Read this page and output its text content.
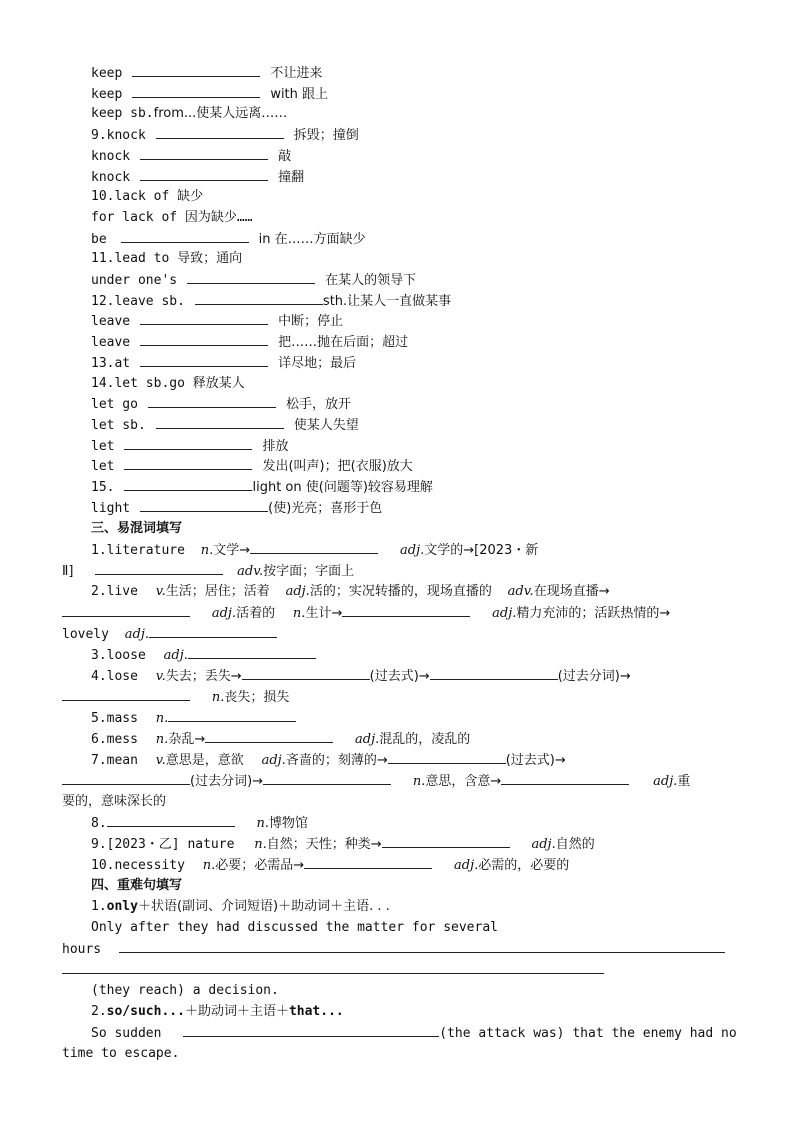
keep	不让进来
keep	with 跟上
keep sb.from...使某人远离……
9.knock	拆毁；撞倒
knock	敲
knock	撞翻
10.lack of 缺少
for lack of 因为缺少……
be	in 在……方面缺少
11.lead to 导致；通向
under one's	在某人的领导下
12.leave sb.	sth.让某人一直做某事
leave	中断；停止
leave	把……抛在后面；超过
13.at	详尽地；最后
14.let sb.go 释放某人
let go	松手，放开
let sb.	使某人失望
let	排放
let	发出(叫声)；把(衣服)放大
15.	light on 使(问题等)较容易理解
light	(使)光亮；喜形于色
三、易混词填写
1.literature n.文学→	adj.文学的→[2023・新
Ⅱ]	adv.按字面；字面上
2.live v.生活；居住；活着 adj.活的；实况转播的，现场直播的 adv.在现场直播→
adj.活着的 n.生计→	adj.精力充沛的；活跃热情的→
lovely adj.
3.loose adj.
4.lose v.失去；丢失→	(过去式)→	(过去分词)→
n.丧失；损失
5.mass n.
6.mess n.杂乱→	adj.混乱的，凌乱的
7.mean v.意思是，意欲 adj.吝啬的；刻薄的→	(过去式)→
(过去分词)→	n.意思，含意→	adj.重
要的，意味深长的
8.	n.博物馆
9.[2023・乙] nature n.自然；天性；种类→	adj.自然的
10.necessity n.必要；必需品→	adj.必需的，必要的
四、重难句填写
1.only＋状语(副词、介词短语)＋助动词＋主语. . .
Only after they had discussed the matter for several
hours
(they reach) a decision.
2.so/such...＋助动词＋主语＋that...
So sudden	(the attack was) that the enemy had no
time to escape.
